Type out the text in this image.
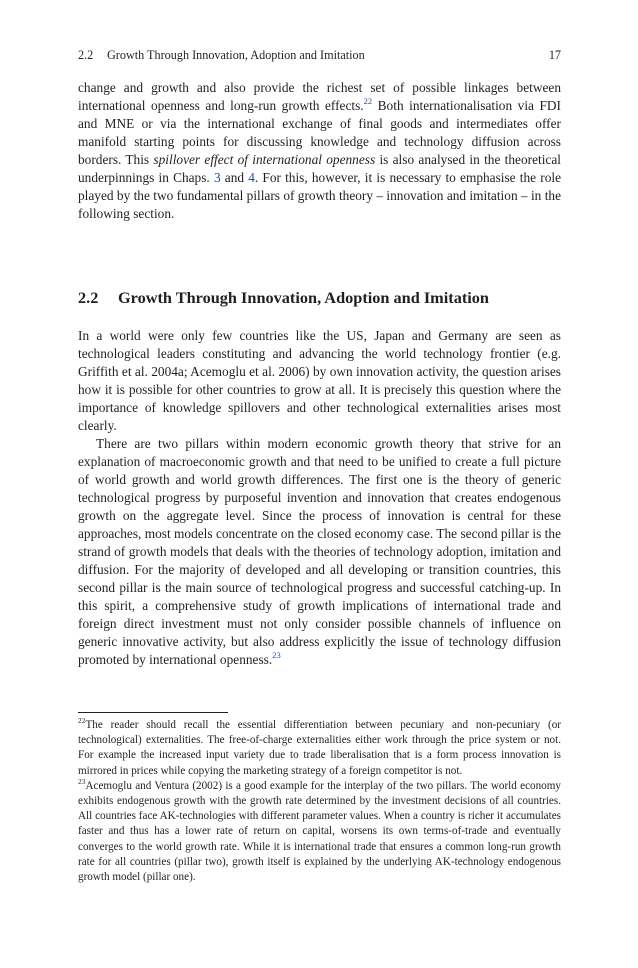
2.2 Growth Through Innovation, Adoption and Imitation	17

change and growth and also provide the richest set of possible linkages between international openness and long-run growth effects.$^{22}$ Both internationalisation via FDI and MNE or via the international exchange of final goods and intermediates offer manifold starting points for discussing knowledge and technology diffusion across borders. This spillover effect of international openness is also analysed in the theoretical underpinnings in Chaps. 3 and 4. For this, however, it is necessary to emphasise the role played by the two fundamental pillars of growth theory – innovation and imitation – in the following section.

2.2 Growth Through Innovation, Adoption and Imitation

In a world were only few countries like the US, Japan and Germany are seen as technological leaders constituting and advancing the world technology frontier (e.g. Griffith et al. 2004a; Acemoglu et al. 2006) by own innovation activity, the question arises how it is possible for other countries to grow at all. It is precisely this question where the importance of knowledge spillovers and other technological externalities arises most clearly.

There are two pillars within modern economic growth theory that strive for an explanation of macroeconomic growth and that need to be unified to create a full picture of world growth and world growth differences. The first one is the theory of generic technological progress by purposeful invention and innovation that creates endogenous growth on the aggregate level. Since the process of innovation is central for these approaches, most models concentrate on the closed economy case. The second pillar is the strand of growth models that deals with the theories of technology adoption, imitation and diffusion. For the majority of developed and all developing or transition countries, this second pillar is the main source of technological progress and successful catching-up. In this spirit, a comprehensive study of growth implications of international trade and foreign direct investment must not only consider possible channels of influence on generic innovative activity, but also address explicitly the issue of technology diffusion promoted by international openness.$^{23}$

$^{22}$The reader should recall the essential differentiation between pecuniary and non-pecuniary (or technological) externalities. The free-of-charge externalities either work through the price system or not. For example the increased input variety due to trade liberalisation that is a form process innovation is mirrored in prices while copying the marketing strategy of a foreign competitor is not.

$^{23}$Acemoglu and Ventura (2002) is a good example for the interplay of the two pillars. The world economy exhibits endogenous growth with the growth rate determined by the investment decisions of all countries. All countries face AK-technologies with different parameter values. When a country is richer it accumulates faster and thus has a lower rate of return on capital, worsens its own terms-of-trade and eventually converges to the world growth rate. While it is international trade that ensures a common long-run growth rate for all countries (pillar two), growth itself is explained by the underlying AK-technology endogenous growth model (pillar one).
